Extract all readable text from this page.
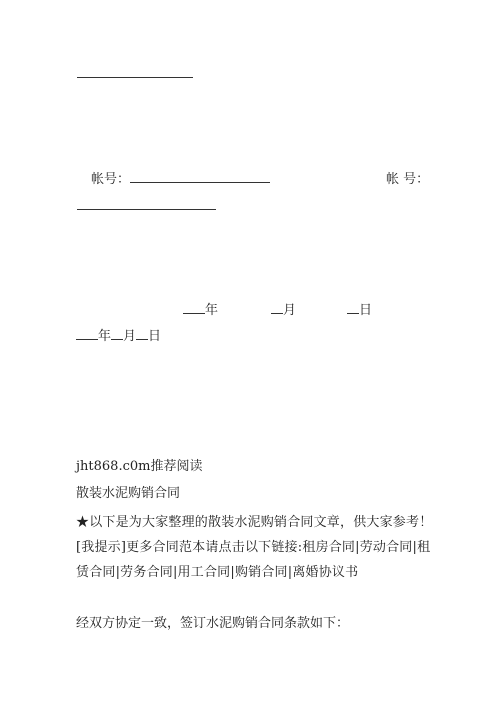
帐号：	帐 号：
年	月	日
年 月 日
jht868.c0m推荐阅读
散装水泥购销合同
★以下是为大家整理的散装水泥购销合同文章，供大家参考！[我提示]更多合同范本请点击以下链接:租房合同|劳动合同|租赁合同|劳务合同|用工合同|购销合同|离婚协议书
经双方协定一致，签订水泥购销合同条款如下：
